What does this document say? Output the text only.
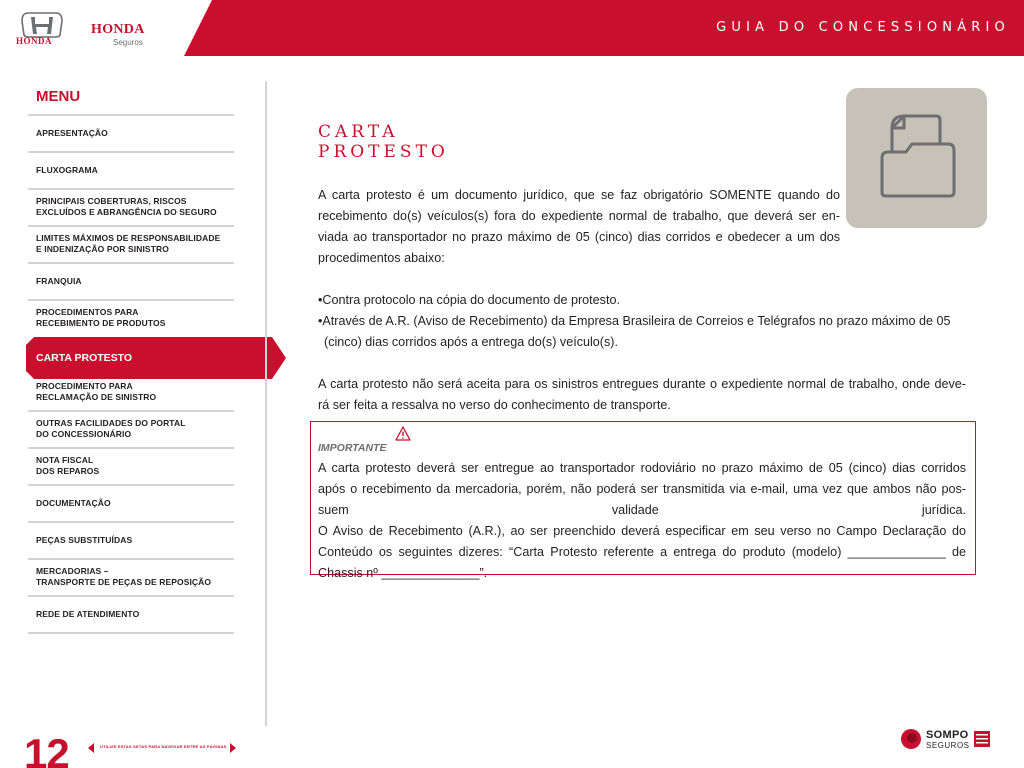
HONDA
HONDA
Seguros
GUIA DO CONCESSIONÁRIO
MENU
APRESENTAÇÃO
FLUXOGRAMA
PRINCIPAIS COBERTURAS, RISCOS
EXCLUÍDOS E ABRANGÊNCIA DO SEGURO
LIMITES MÁXIMOS DE RESPONSABILIDADE
E INDENIZAÇÃO POR SINISTRO
FRANQUIA
PROCEDIMENTOS PARA
RECEBIMENTO DE PRODUTOS
CARTA PROTESTO
PROCEDIMENTO PARA
RECLAMAÇÃO DE SINISTRO
OUTRAS FACILIDADES DO PORTAL
DO CONCESSIONÁRIO
NOTA FISCAL
DOS REPAROS
DOCUMENTAÇÃO
PEÇAS SUBSTITUÍDAS
MERCADORIAS –
TRANSPORTE DE PEÇAS DE REPOSIÇÃO
REDE DE ATENDIMENTO
CARTA
PROTESTO
A carta protesto é um documento jurídico, que se faz obrigatório SOMENTE quando do
recebimento do(s) veículos(s) fora do expediente normal de trabalho, que deverá ser en-
viada ao transportador no prazo máximo de 05 (cinco) dias corridos e obedecer a um dos
procedimentos abaixo:
•Contra protocolo na cópia do documento de protesto.
•Através de A.R. (Aviso de Recebimento) da Empresa Brasileira de Correios e Telégrafos no prazo máximo de 05
(cinco) dias corridos após a entrega do(s) veículo(s).
A carta protesto não será aceita para os sinistros entregues durante o expediente normal de trabalho, onde deve-
rá ser feita a ressalva no verso do conhecimento de transporte.
IMPORTANTE
A carta protesto deverá ser entregue ao transportador rodoviário no prazo máximo de 05 (cinco) dias corridos
após o recebimento da mercadoria, porém, não poderá ser transmitida via e-mail, uma vez que ambos não pos-
suem validade jurídica.
O Aviso de Recebimento (A.R.), ao ser preenchido deverá especificar em seu verso no Campo Declaração do
Conteúdo os seguintes dizeres: “Carta Protesto referente a entrega do produto (modelo) ______________ de
Chassis nº ______________”.
12	UTILIZE ESTAS SETAS PARA NAVEGAR ENTRE AS PÁGINAS
SOMPO
SEGUROS
